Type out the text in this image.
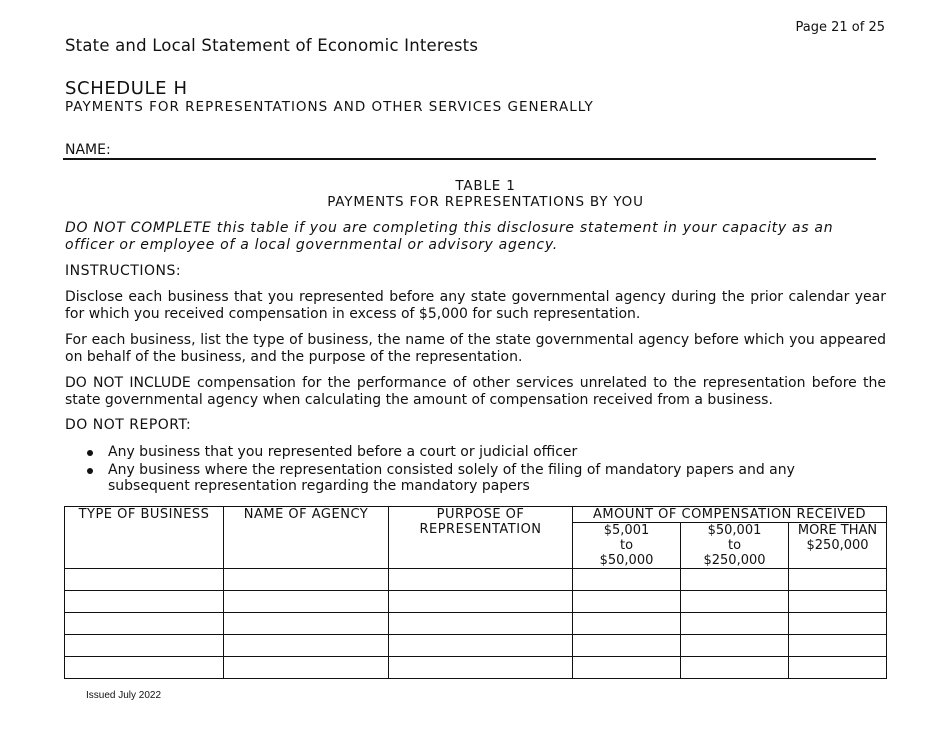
Page 21 of 25
State and Local Statement of Economic Interests
SCHEDULE H
PAYMENTS FOR REPRESENTATIONS AND OTHER SERVICES GENERALLY
NAME:
TABLE 1
PAYMENTS FOR REPRESENTATIONS BY YOU
DO NOT COMPLETE this table if you are completing this disclosure statement in your capacity as an officer or employee of a local governmental or advisory agency.
INSTRUCTIONS:
Disclose each business that you represented before any state governmental agency during the prior calendar year for which you received compensation in excess of $5,000 for such representation.
For each business, list the type of business, the name of the state governmental agency before which you appeared on behalf of the business, and the purpose of the representation.
DO NOT INCLUDE compensation for the performance of other services unrelated to the representation before the state governmental agency when calculating the amount of compensation received from a business.
DO NOT REPORT:
Any business that you represented before a court or judicial officer
Any business where the representation consisted solely of the filing of mandatory papers and any subsequent representation regarding the mandatory papers
TYPE OF BUSINESS	NAME OF AGENCY	PURPOSE OF REPRESENTATION	AMOUNT OF COMPENSATION RECEIVED		

			$5,001
to
$50,000	$50,001
to
$250,000	MORE THAN
$250,000

Issued July 2022
